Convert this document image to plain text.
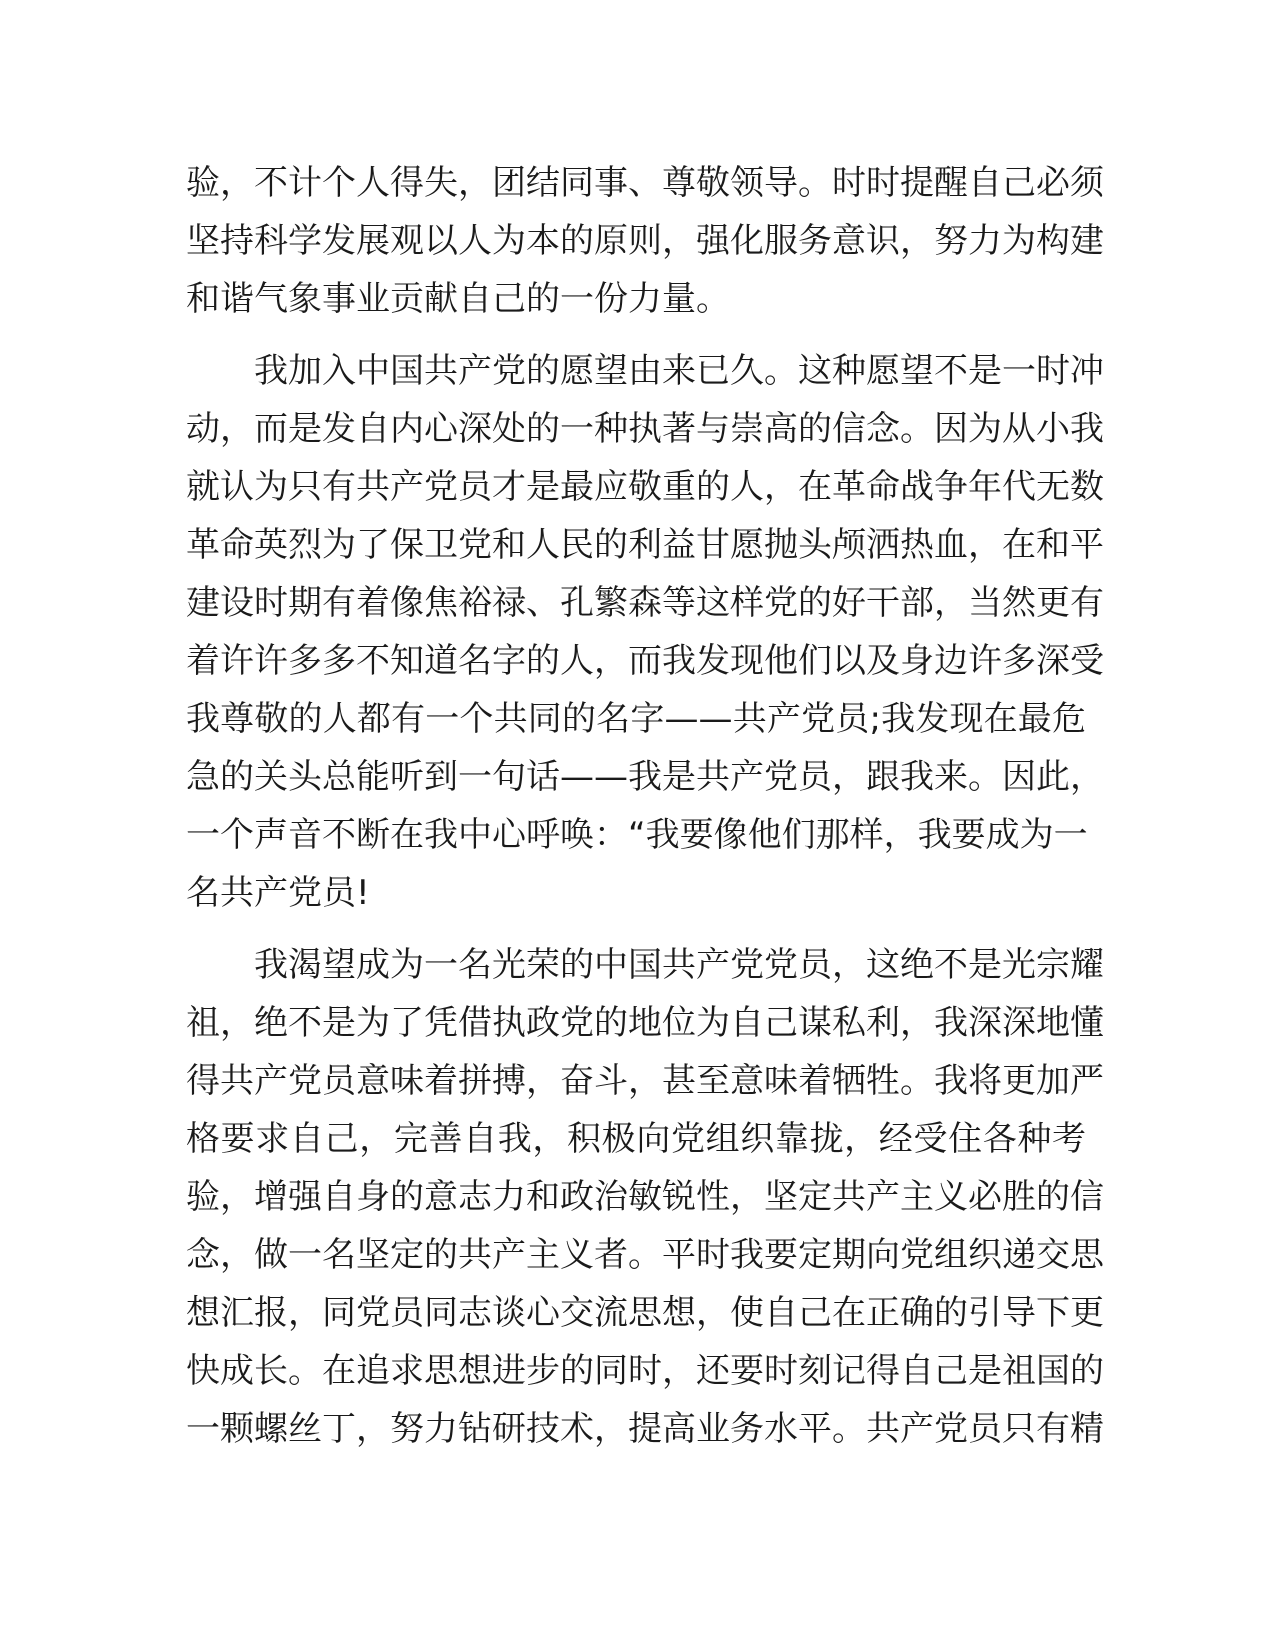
验，不计个人得失，团结同事、尊敬领导。时时提醒自己必须
坚持科学发展观以人为本的原则，强化服务意识，努力为构建
和谐气象事业贡献自己的一份力量。
　　我加入中国共产党的愿望由来已久。这种愿望不是一时冲
动，而是发自内心深处的一种执著与崇高的信念。因为从小我
就认为只有共产党员才是最应敬重的人，在革命战争年代无数
革命英烈为了保卫党和人民的利益甘愿抛头颅洒热血，在和平
建设时期有着像焦裕禄、孔繁森等这样党的好干部，当然更有
着许许多多不知道名字的人，而我发现他们以及身边许多深受
我尊敬的人都有一个共同的名字——共产党员;我发现在最危
急的关头总能听到一句话——我是共产党员，跟我来。因此，
一个声音不断在我中心呼唤：“我要像他们那样，我要成为一
名共产党员!
　　我渴望成为一名光荣的中国共产党党员，这绝不是光宗耀
祖，绝不是为了凭借执政党的地位为自己谋私利，我深深地懂
得共产党员意味着拼搏，奋斗，甚至意味着牺牲。我将更加严
格要求自己，完善自我，积极向党组织靠拢，经受住各种考
验，增强自身的意志力和政治敏锐性，坚定共产主义必胜的信
念，做一名坚定的共产主义者。平时我要定期向党组织递交思
想汇报，同党员同志谈心交流思想，使自己在正确的引导下更
快成长。在追求思想进步的同时，还要时刻记得自己是祖国的
一颗螺丝丁，努力钻研技术，提高业务水平。共产党员只有精
